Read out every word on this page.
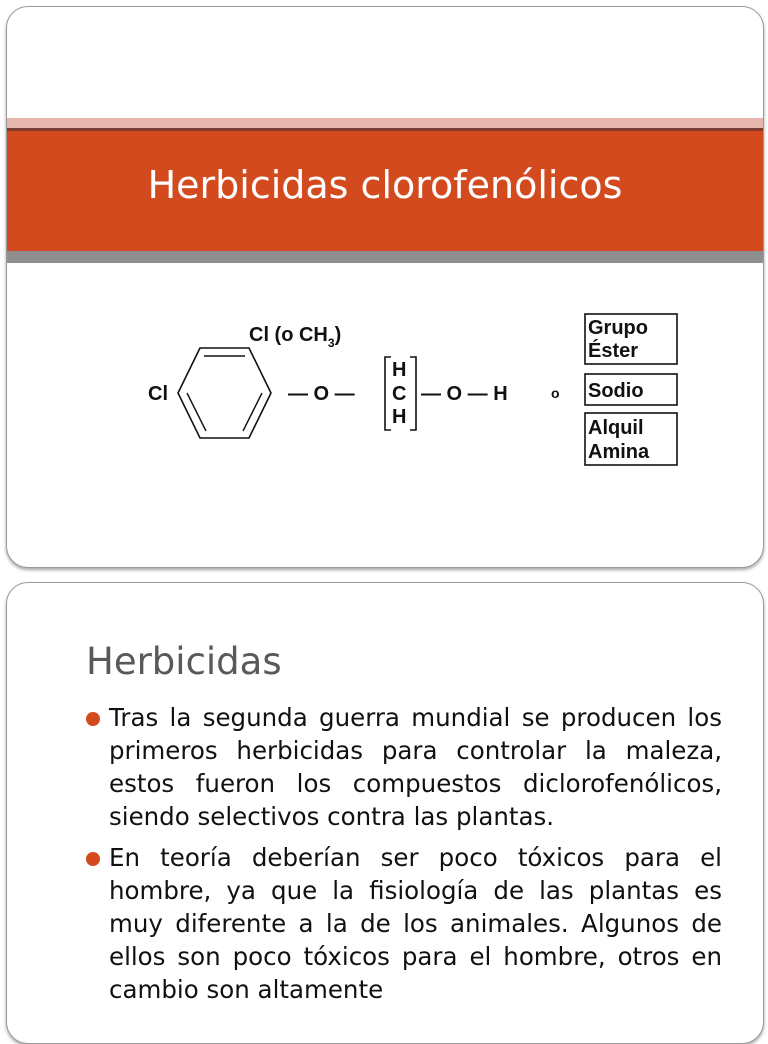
Herbicidas clorofenólicos
Cl
Cl (o $CH_3$)
— O —
H
C
H
— O — H	o
Grupo
Éster
Sodio
Alquil
Amina
Herbicidas
Tras la segunda guerra mundial se producen los primeros herbicidas para controlar la maleza, estos fueron los compuestos diclorofenólicos, siendo selectivos contra las plantas.
En teoría deberían ser poco tóxicos para el hombre, ya que la fisiología de las plantas es muy diferente a la de los animales. Algunos de ellos son poco tóxicos para el hombre, otros en cambio son altamente
